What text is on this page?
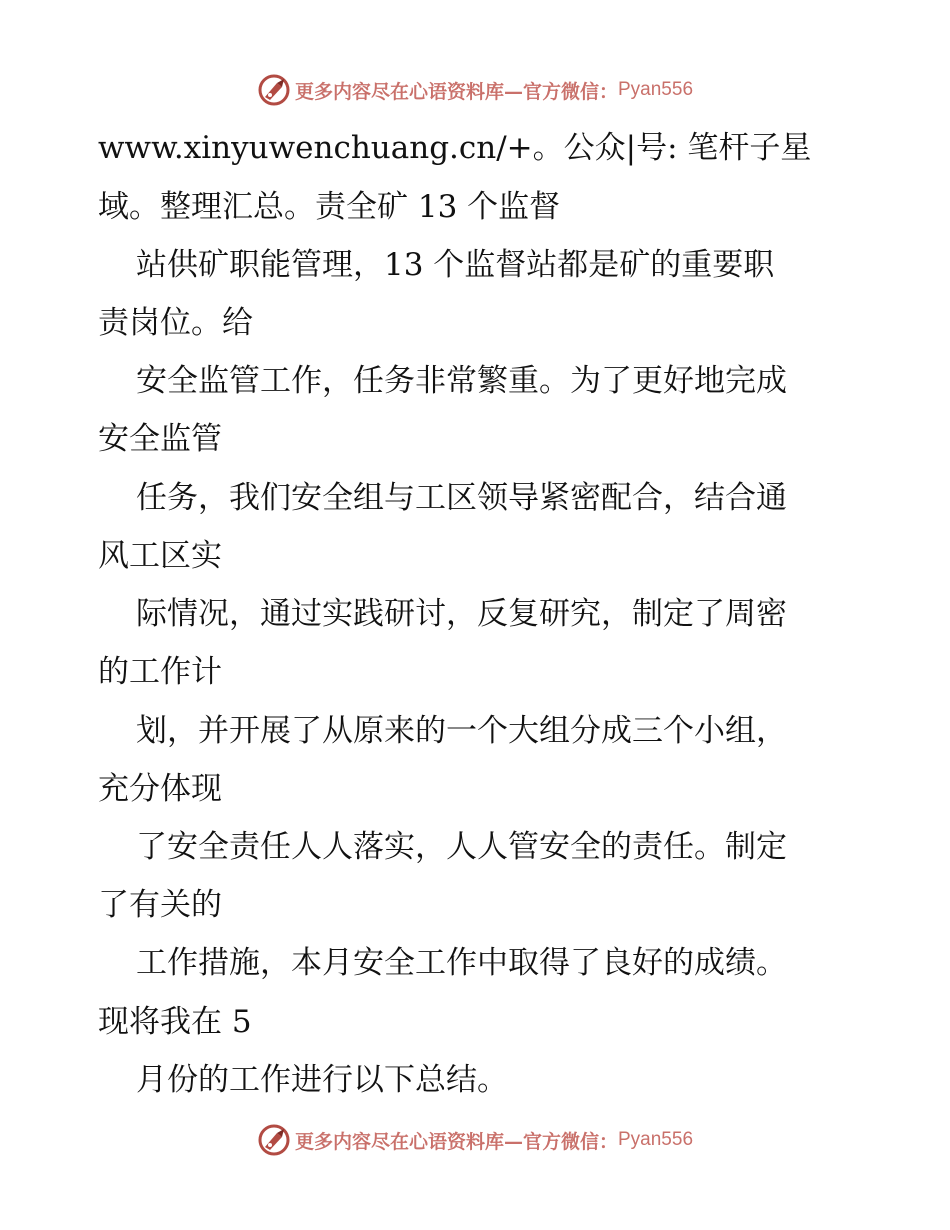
更多内容尽在心语资料库—官方微信： Pyan556
www.xinyuwenchuang.cn/+。公众|号: 笔杆子星
域。整理汇总。责全矿 13 个监督
站供矿职能管理，13 个监督站都是矿的重要职
责岗位。给
安全监管工作，任务非常繁重。为了更好地完成
安全监管
任务，我们安全组与工区领导紧密配合，结合通
风工区实
际情况，通过实践研讨，反复研究，制定了周密
的工作计
划，并开展了从原来的一个大组分成三个小组，
充分体现
了安全责任人人落实，人人管安全的责任。制定
了有关的
工作措施，本月安全工作中取得了良好的成绩。
现将我在 5
月份的工作进行以下总结。
更多内容尽在心语资料库—官方微信： Pyan556
